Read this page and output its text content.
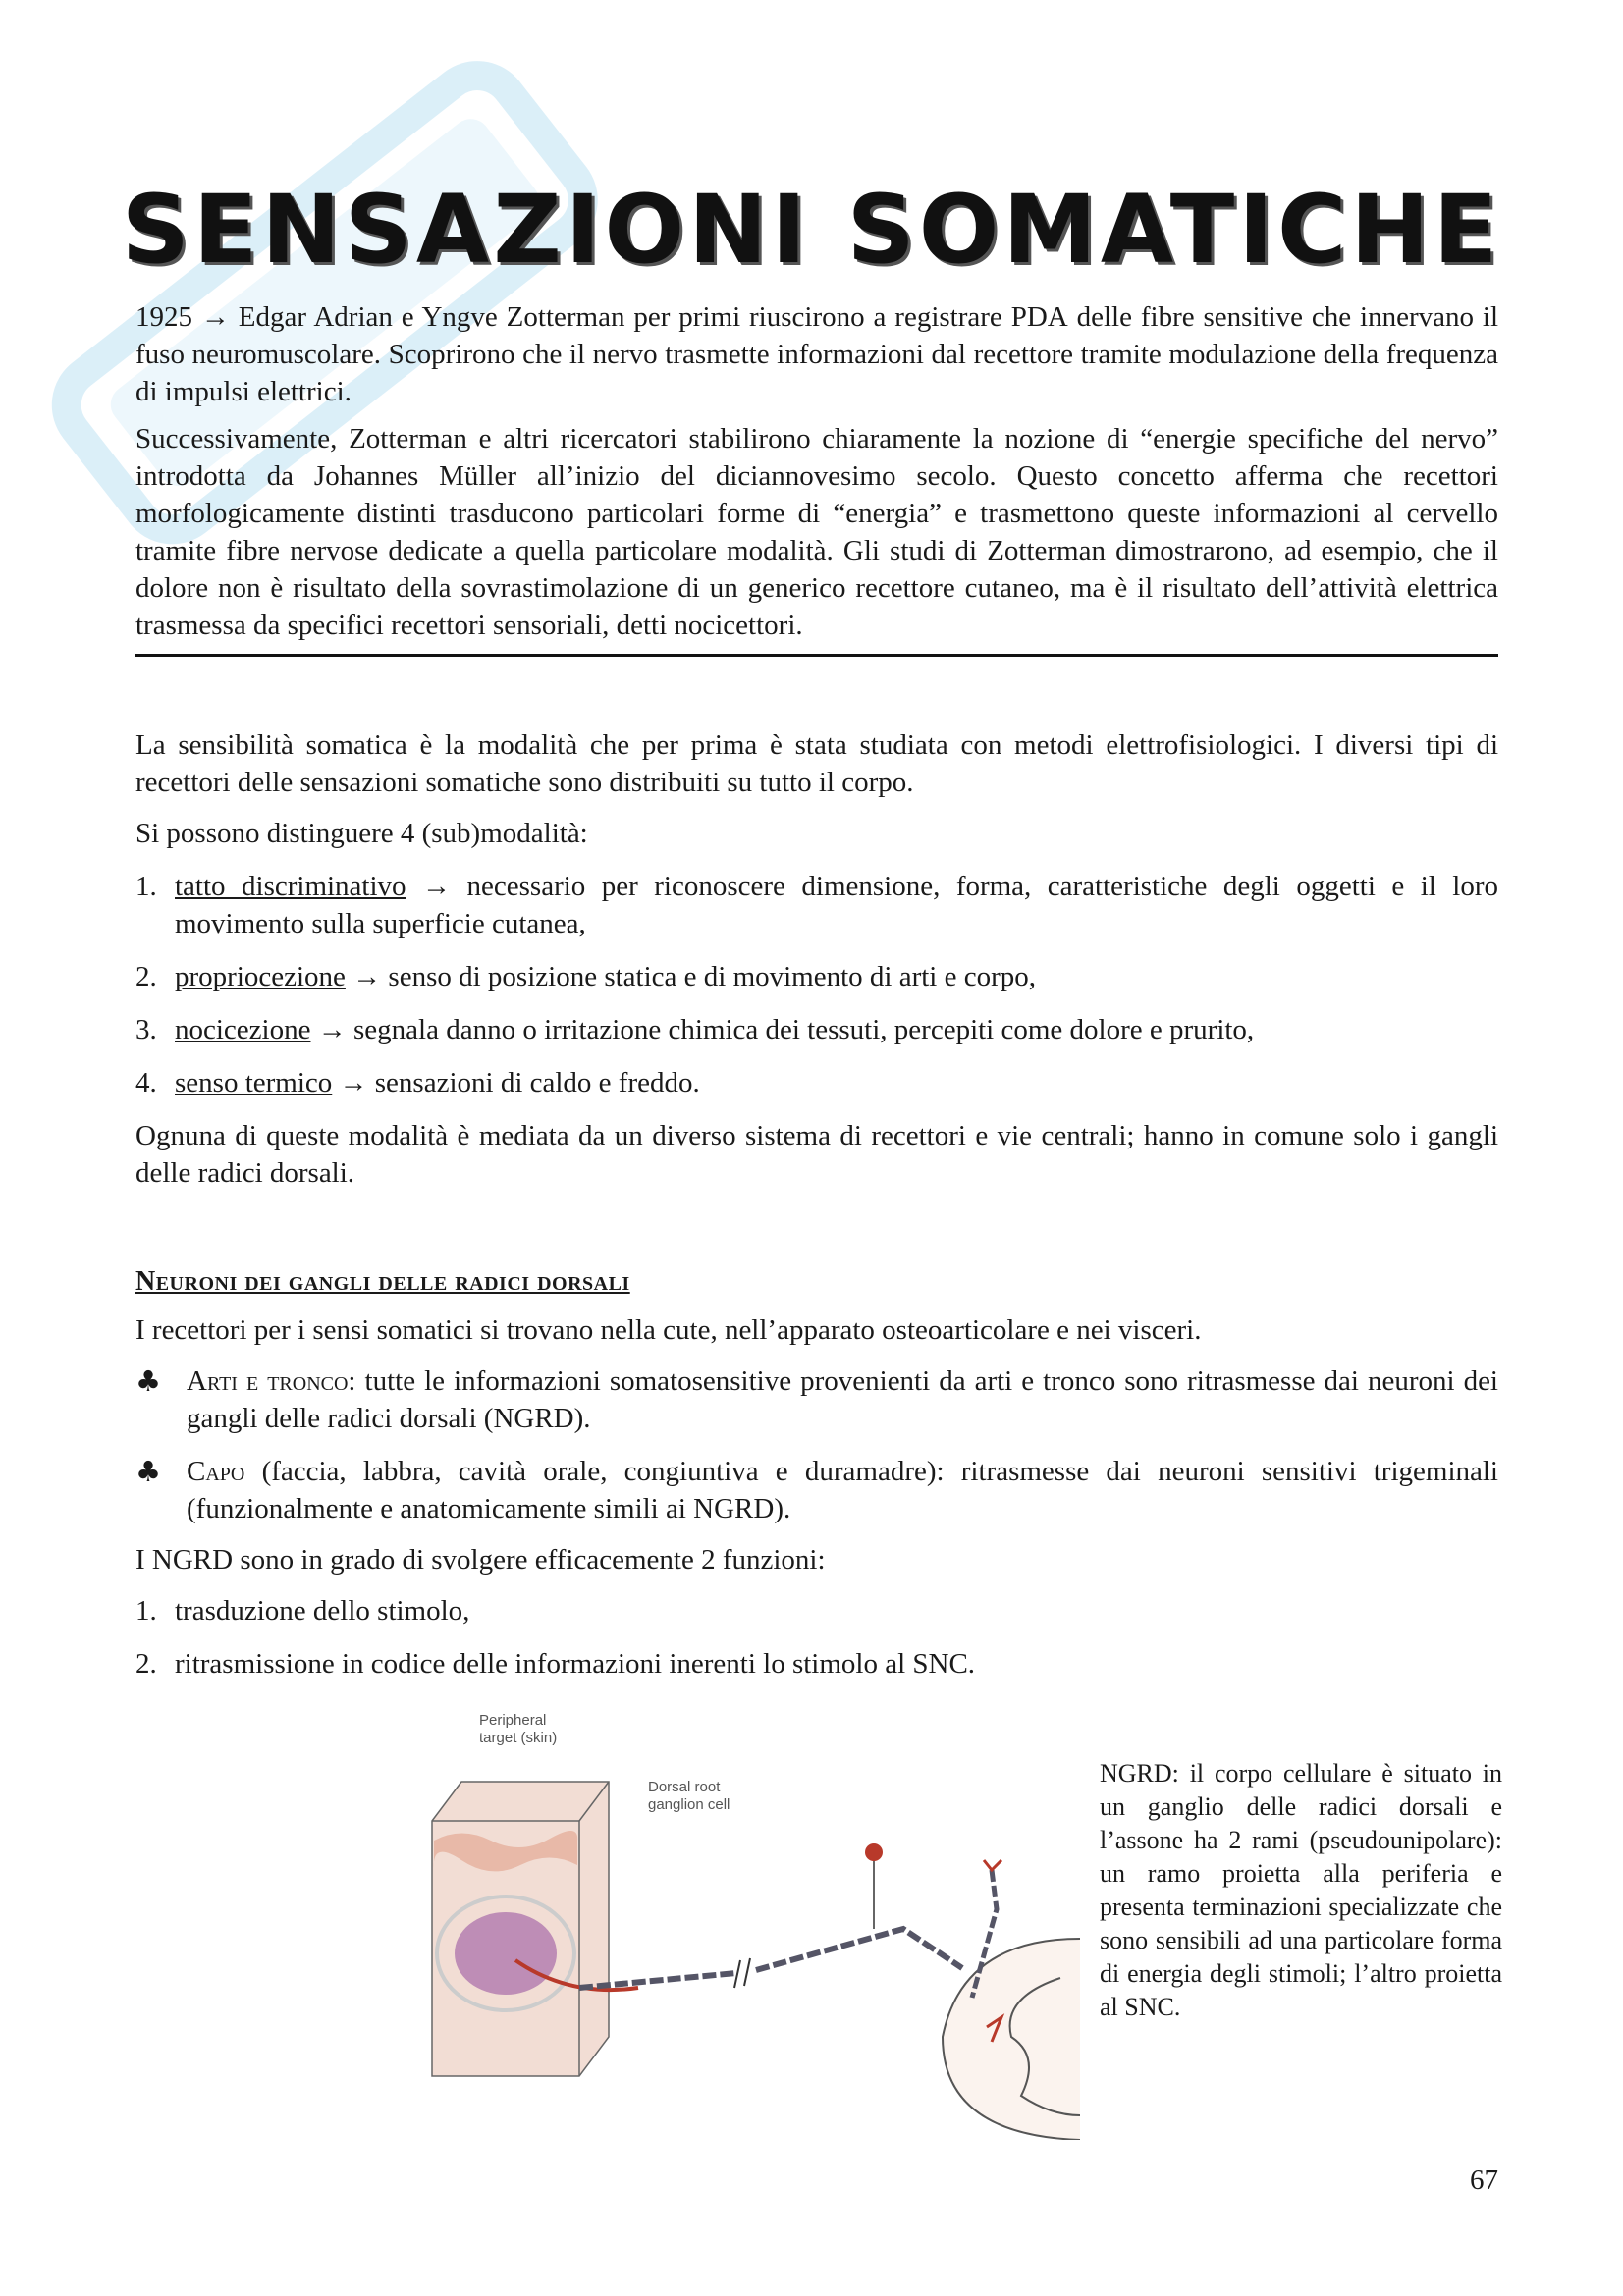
SENSAZIONI SOMATICHE

1925 → Edgar Adrian e Yngve Zotterman per primi riuscirono a registrare PDA delle fibre sensitive che innervano il fuso neuromuscolare. Scoprirono che il nervo trasmette informazioni dal recettore tramite modulazione della frequenza di impulsi elettrici.

Successivamente, Zotterman e altri ricercatori stabilirono chiaramente la nozione di “energie specifiche del nervo” introdotta da Johannes Müller all’inizio del diciannovesimo secolo. Questo concetto afferma che recettori morfologicamente distinti trasducono particolari forme di “energia” e trasmettono queste informazioni al cervello tramite fibre nervose dedicate a quella particolare modalità. Gli studi di Zotterman dimostrarono, ad esempio, che il dolore non è risultato della sovrastimolazione di un generico recettore cutaneo, ma è il risultato dell’attività elettrica trasmessa da specifici recettori sensoriali, detti nocicettori.

La sensibilità somatica è la modalità che per prima è stata studiata con metodi elettrofisiologici. I diversi tipi di recettori delle sensazioni somatiche sono distribuiti su tutto il corpo.

Si possono distinguere 4 (sub)modalità:

1. tatto discriminativo → necessario per riconoscere dimensione, forma, caratteristiche degli oggetti e il loro movimento sulla superficie cutanea,
2. propriocezione → senso di posizione statica e di movimento di arti e corpo,
3. nocicezione → segnala danno o irritazione chimica dei tessuti, percepiti come dolore e prurito,
4. senso termico → sensazioni di caldo e freddo.

Ognuna di queste modalità è mediata da un diverso sistema di recettori e vie centrali; hanno in comune solo i gangli delle radici dorsali.

Neuroni dei gangli delle radici dorsali

I recettori per i sensi somatici si trovano nella cute, nell’apparato osteoarticolare e nei visceri.

♣ Arti e tronco: tutte le informazioni somatosensitive provenienti da arti e tronco sono ritrasmesse dai neuroni dei gangli delle radici dorsali (NGRD).
♣ Capo (faccia, labbra, cavità orale, congiuntiva e duramadre): ritrasmesse dai neuroni sensitivi trigeminali (funzionalmente e anatomicamente simili ai NGRD).

I NGRD sono in grado di svolgere efficacemente 2 funzioni:

1. trasduzione dello stimolo,
2. ritrasmissione in codice delle informazioni inerenti lo stimolo al SNC.
Peripheral
target (skin)
Dorsal root
ganglion cell
NGRD: il corpo cellulare è situato in un ganglio delle radici dorsali e l’assone ha 2 rami (pseudounipolare): un ramo proietta alla periferia e presenta terminazioni specializzate che sono sensibili ad una particolare forma di energia degli stimoli; l’altro proietta al SNC.
67
